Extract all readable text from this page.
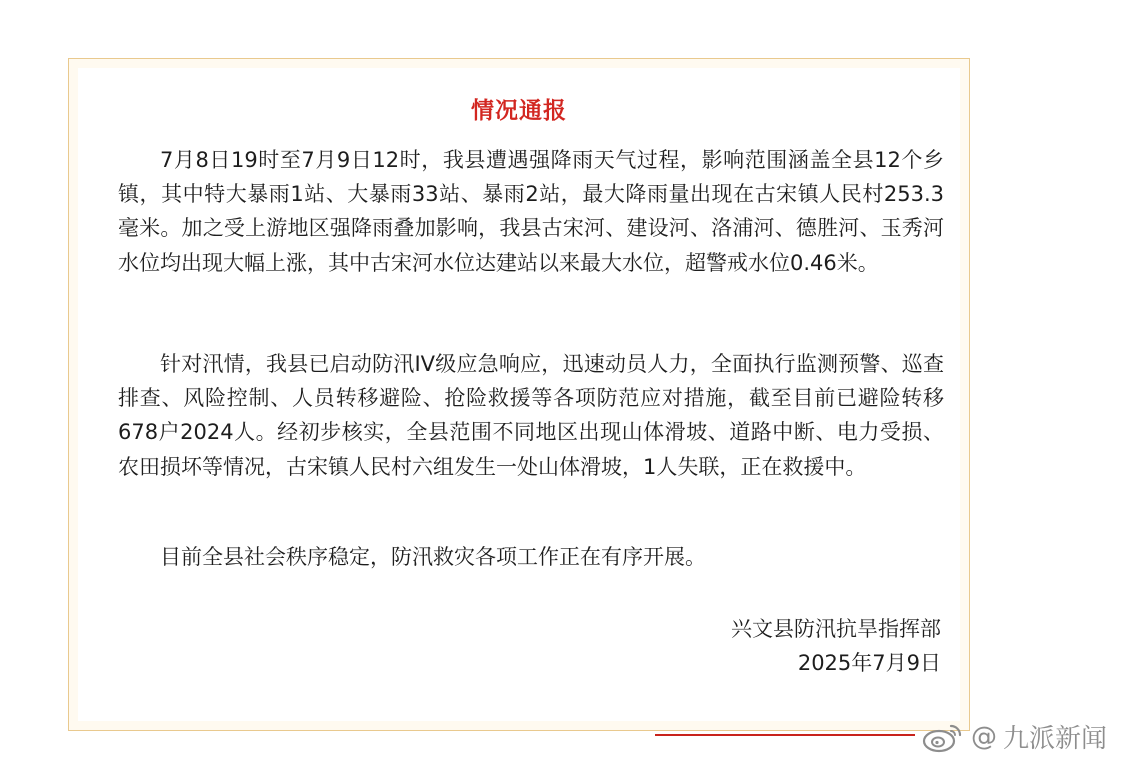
情况通报

7月8日19时至7月9日12时，我县遭遇强降雨天气过程，影响范围涵盖全县12个乡镇，其中特大暴雨1站、大暴雨33站、暴雨2站，最大降雨量出现在古宋镇人民村253.3毫米。加之受上游地区强降雨叠加影响，我县古宋河、建设河、洛浦河、德胜河、玉秀河水位均出现大幅上涨，其中古宋河水位达建站以来最大水位，超警戒水位0.46米。

针对汛情，我县已启动防汛IV级应急响应，迅速动员人力，全面执行监测预警、巡查排查、风险控制、人员转移避险、抢险救援等各项防范应对措施，截至目前已避险转移678户2024人。经初步核实，全县范围不同地区出现山体滑坡、道路中断、电力受损、农田损坏等情况，古宋镇人民村六组发生一处山体滑坡，1人失联，正在救援中。

目前全县社会秩序稳定，防汛救灾各项工作正在有序开展。

兴文县防汛抗旱指挥部
2025年7月9日
@ 九派新闻
